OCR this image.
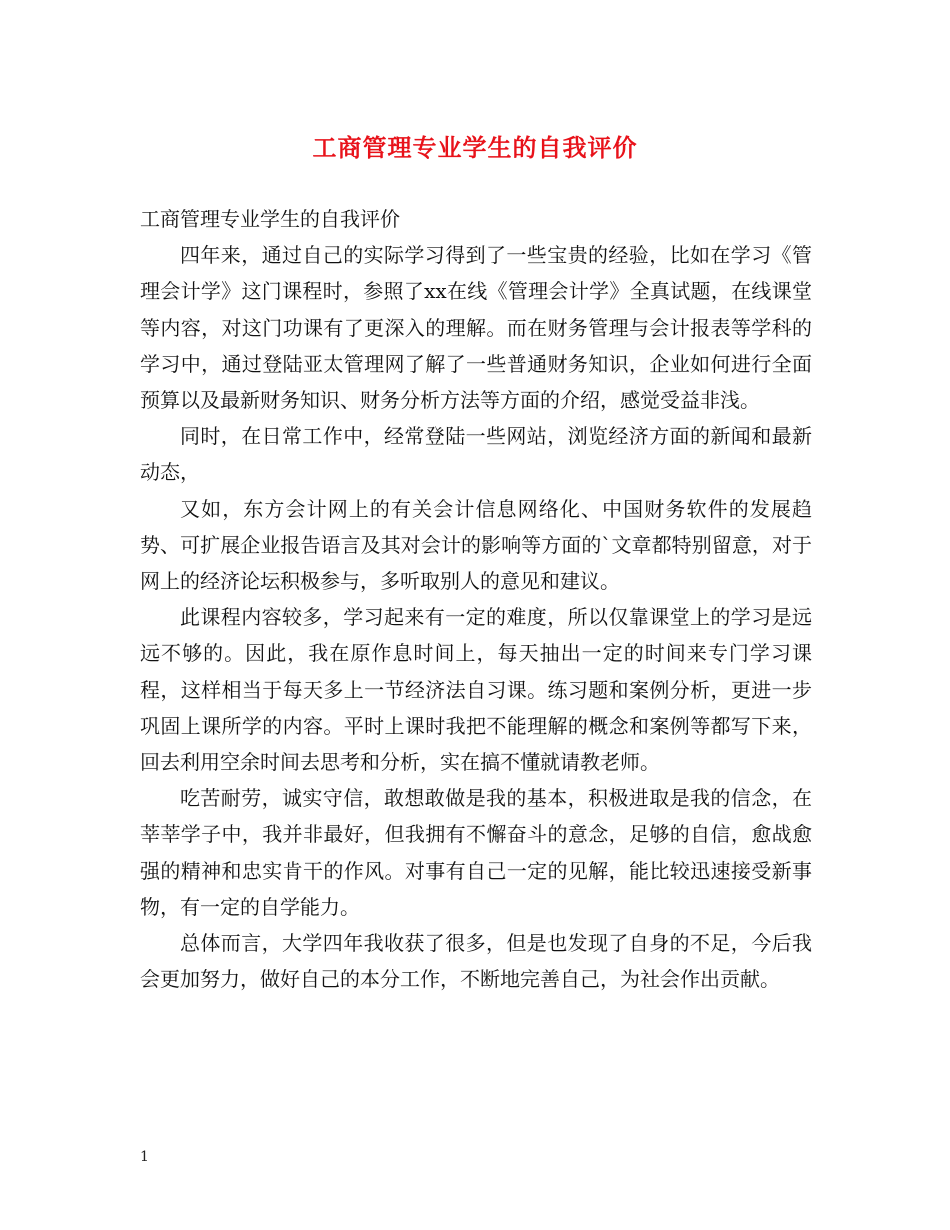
工商管理专业学生的自我评价

工商管理专业学生的自我评价

四年来，通过自己的实际学习得到了一些宝贵的经验，比如在学习《管理会计学》这门课程时，参照了xx在线《管理会计学》全真试题，在线课堂等内容，对这门功课有了更深入的理解。而在财务管理与会计报表等学科的学习中，通过登陆亚太管理网了解了一些普通财务知识，企业如何进行全面预算以及最新财务知识、财务分析方法等方面的介绍，感觉受益非浅。

同时，在日常工作中，经常登陆一些网站，浏览经济方面的新闻和最新动态，

又如，东方会计网上的有关会计信息网络化、中国财务软件的发展趋势、可扩展企业报告语言及其对会计的影响等方面的`文章都特别留意，对于网上的经济论坛积极参与，多听取别人的意见和建议。

此课程内容较多，学习起来有一定的难度，所以仅靠课堂上的学习是远远不够的。因此，我在原作息时间上，每天抽出一定的时间来专门学习课程，这样相当于每天多上一节经济法自习课。练习题和案例分析，更进一步巩固上课所学的内容。平时上课时我把不能理解的概念和案例等都写下来，回去利用空余时间去思考和分析，实在搞不懂就请教老师。

吃苦耐劳，诚实守信，敢想敢做是我的基本，积极进取是我的信念，在莘莘学子中，我并非最好，但我拥有不懈奋斗的意念，足够的自信，愈战愈强的精神和忠实肯干的作风。对事有自己一定的见解，能比较迅速接受新事物，有一定的自学能力。

总体而言，大学四年我收获了很多，但是也发现了自身的不足，今后我会更加努力，做好自己的本分工作，不断地完善自己，为社会作出贡献。

1
